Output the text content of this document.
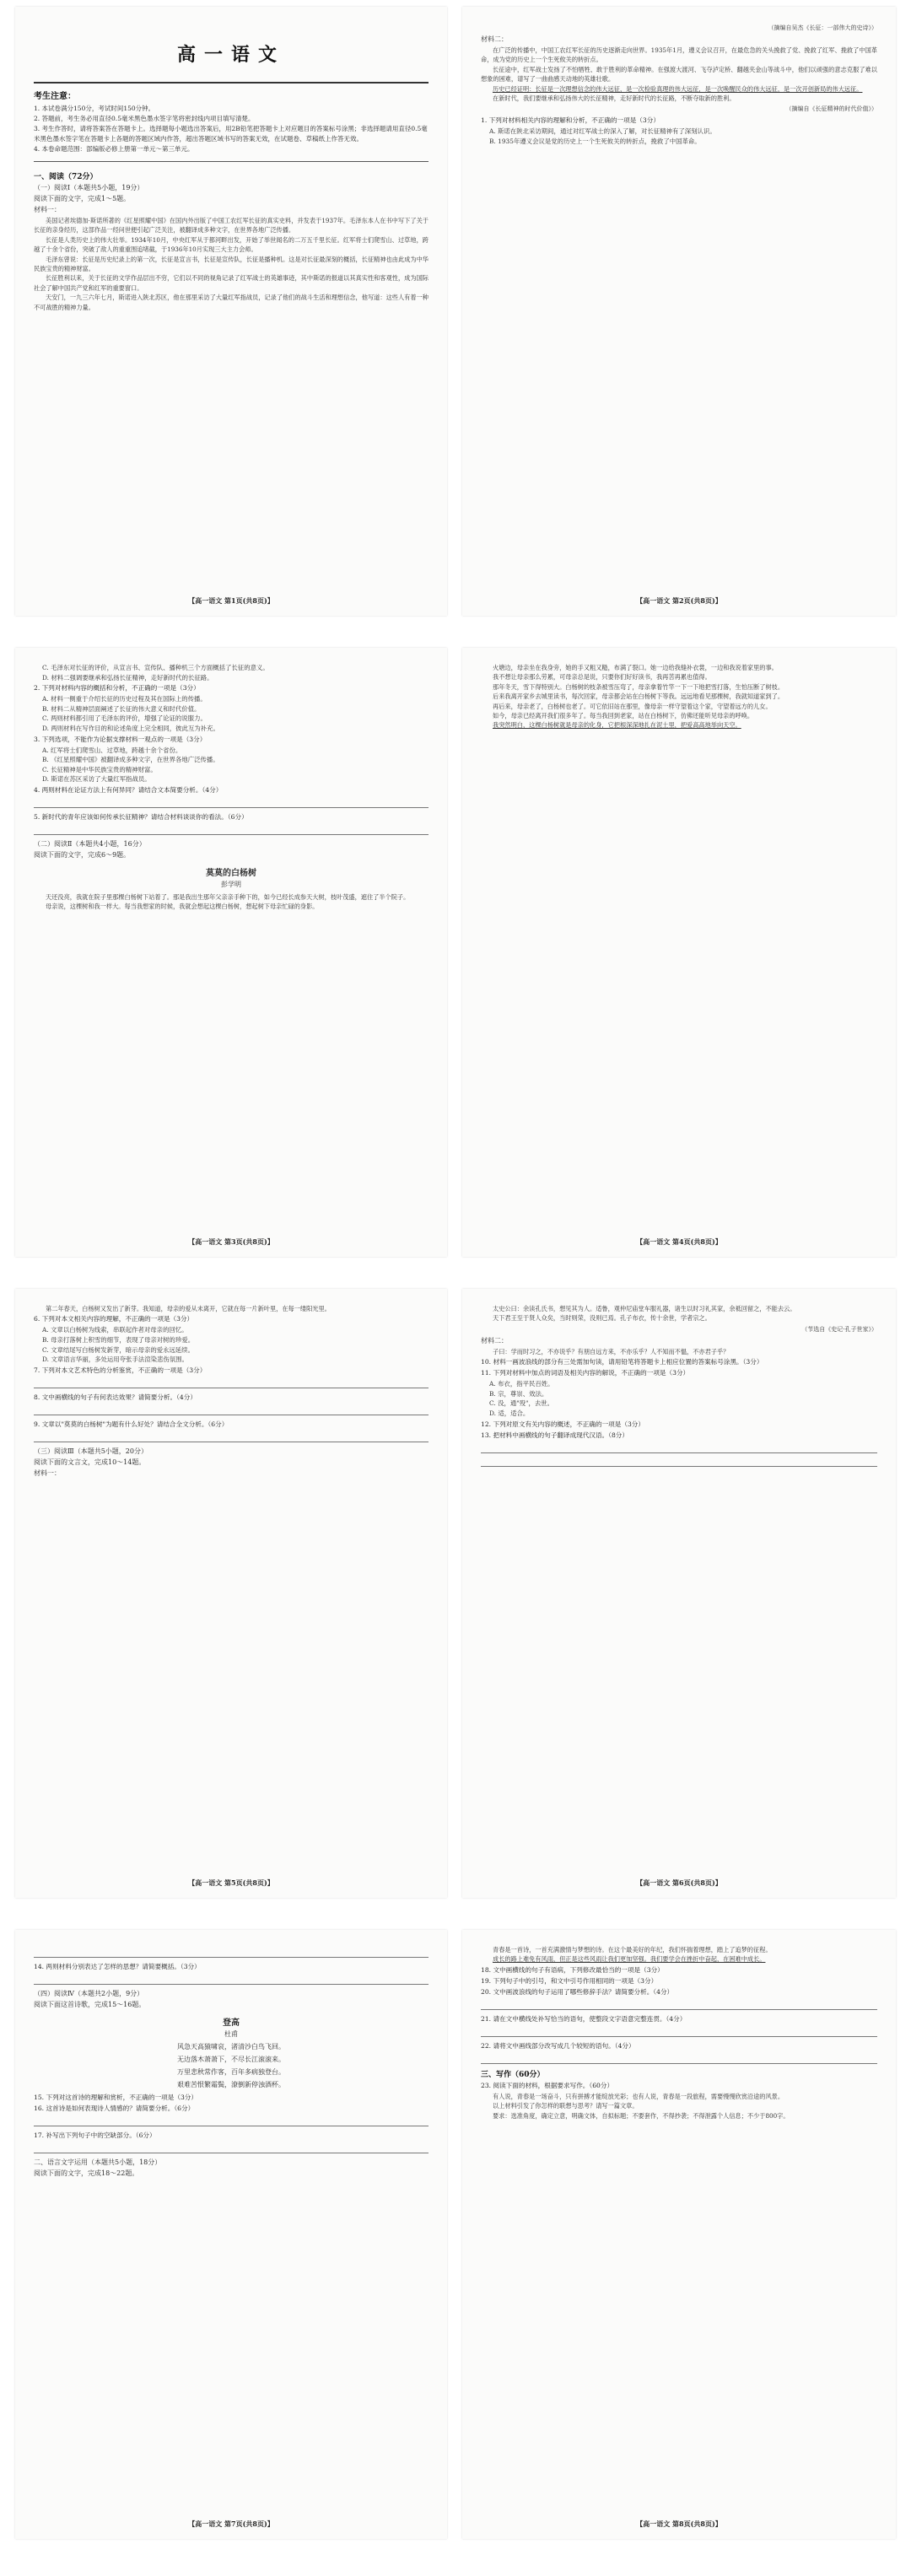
高一语文
考生注意：

1. 本试卷满分150分，考试时间150分钟。

2. 答题前，考生务必用直径0.5毫米黑色墨水签字笔将密封线内项目填写清楚。

3. 考生作答时，请将答案答在答题卡上。选择题每小题选出答案后，用2B铅笔把答题卡上对应题目的答案标号涂黑；非选择题请用直径0.5毫米黑色墨水签字笔在答题卡上各题的答题区域内作答，超出答题区域书写的答案无效，在试题卷、草稿纸上作答无效。

4. 本卷命题范围：部编版必修上册第一单元～第三单元。

一、阅读（72分）

（一）阅读Ⅰ（本题共5小题，19分）

阅读下面的文字，完成1～5题。

材料一：

美国记者埃德加·斯诺所著的《红星照耀中国》在国内外出版了中国工农红军长征的真实史料，并发表于1937年。毛泽东本人在书中写下了关于长征的亲身经历，这部作品一经问世便引起广泛关注，被翻译成多种文字，在世界各地广泛传播。

长征是人类历史上的伟大壮举。1934年10月，中央红军从于都河畔出发，开始了举世闻名的二万五千里长征。红军将士们爬雪山、过草地，跨越了十余个省份，突破了敌人的重重围追堵截，于1936年10月实现三大主力会师。

毛泽东曾说：长征是历史纪录上的第一次，长征是宣言书，长征是宣传队，长征是播种机。这是对长征最深刻的概括，长征精神也由此成为中华民族宝贵的精神财富。

长征胜利以来，关于长征的文学作品层出不穷，它们以不同的视角记录了红军战士的英雄事迹，其中斯诺的报道以其真实性和客观性，成为国际社会了解中国共产党和红军的重要窗口。

天安门，一九三六年七月，斯诺进入陕北苏区，他在那里采访了大量红军指战员，记录了他们的战斗生活和理想信念，他写道：这些人有着一种不可战胜的精神力量。

【高一语文 第1页(共8页)】

（摘编自吴杰《长征：一部伟大的史诗》）

材料二：

在广泛的传播中，中国工农红军长征的历史逐渐走向世界。1935年1月，遵义会议召开，在最危急的关头挽救了党、挽救了红军、挽救了中国革命，成为党的历史上一个生死攸关的转折点。

长征途中，红军战士发扬了不怕牺牲、敢于胜利的革命精神。在强渡大渡河、飞夺泸定桥、翻越夹金山等战斗中，他们以顽强的意志克服了难以想象的困难，谱写了一曲曲感天动地的英雄壮歌。

历史已经证明：长征是一次理想信念的伟大远征，是一次检验真理的伟大远征，是一次唤醒民众的伟大远征，是一次开创新局的伟大远征。

在新时代，我们要继承和弘扬伟大的长征精神，走好新时代的长征路，不断夺取新的胜利。

（摘编自《长征精神的时代价值》）

1. 下列对材料相关内容的理解和分析，不正确的一项是（3分）

A. 斯诺在陕北采访期间，通过对红军战士的深入了解，对长征精神有了深刻认识。

B. 1935年遵义会议是党的历史上一个生死攸关的转折点，挽救了中国革命。

【高一语文 第2页(共8页)】

C. 毛泽东对长征的评价，从宣言书、宣传队、播种机三个方面概括了长征的意义。

D. 材料二强调要继承和弘扬长征精神，走好新时代的长征路。

2. 下列对材料内容的概括和分析，不正确的一项是（3分）

A. 材料一侧重于介绍长征的历史过程及其在国际上的传播。

B. 材料二从精神层面阐述了长征的伟大意义和时代价值。

C. 两则材料都引用了毛泽东的评价，增强了论证的说服力。

D. 两则材料在写作目的和论述角度上完全相同，彼此互为补充。

3. 下列选项，不能作为论据支撑材料一观点的一项是（3分）

A. 红军将士们爬雪山、过草地，跨越十余个省份。

B. 《红星照耀中国》被翻译成多种文字，在世界各地广泛传播。

C. 长征精神是中华民族宝贵的精神财富。

D. 斯诺在苏区采访了大量红军指战员。

4. 两则材料在论证方法上有何异同？请结合文本简要分析。（4分）

5. 新时代的青年应该如何传承长征精神？请结合材料谈谈你的看法。（6分）

（二）阅读Ⅱ（本题共4小题，16分）

阅读下面的文字，完成6～9题。

莫莫的白杨树
彭学明

天还没亮，我就在院子里那棵白杨树下站着了。那是我出生那年父亲亲手种下的，如今已经长成参天大树，枝叶茂盛，遮住了半个院子。

母亲说，这棵树和我一样大。每当我想家的时候，我就会想起这棵白杨树，想起树下母亲忙碌的身影。

【高一语文 第3页(共8页)】

火塘边，母亲坐在我身旁，她的手又粗又糙，布满了裂口。她一边给我缝补衣裳，一边和我说着家里的事。

我不想让母亲那么劳累，可母亲总是说，只要你们好好读书，我再苦再累也值得。

那年冬天，雪下得特别大。白杨树的枝条被雪压弯了，母亲拿着竹竿一下一下地把雪打落，生怕压断了树枝。

后来我离开家乡去城里读书，每次回家，母亲都会站在白杨树下等我。远远地看见那棵树，我就知道家到了。

再后来，母亲老了，白杨树也老了。可它依旧站在那里，像母亲一样守望着这个家，守望着远方的儿女。

如今，母亲已经离开我们很多年了。每当我回到老家，站在白杨树下，仿佛还能听见母亲的呼唤。

我突然明白，这棵白杨树就是母亲的化身，它把根深深地扎在泥土里，把爱高高地举向天空。

【高一语文 第4页(共8页)】

第二年春天，白杨树又发出了新芽。我知道，母亲的爱从未离开，它就在每一片新叶里，在每一缕阳光里。

6. 下列对本文相关内容的理解，不正确的一项是（3分）

A. 文章以白杨树为线索，串联起作者对母亲的回忆。

B. 母亲打落树上积雪的细节，表现了母亲对树的珍爱。

C. 文章结尾写白杨树发新芽，暗示母亲的爱永远延续。

D. 文章语言华丽，多处运用夸张手法渲染悲伤氛围。

7. 下列对本文艺术特色的分析鉴赏，不正确的一项是（3分）

8. 文中画横线的句子有何表达效果？请简要分析。（4分）

9. 文章以"莫莫的白杨树"为题有什么好处？请结合全文分析。（6分）

（三）阅读Ⅲ（本题共5小题，20分）

阅读下面的文言文，完成10～14题。

材料一：

【高一语文 第5页(共8页)】

太史公曰：余读孔氏书，想见其为人。适鲁，观仲尼庙堂车服礼器，诸生以时习礼其家，余祗回留之，不能去云。

天下君王至于贤人众矣，当时则荣，没则已焉。孔子布衣，传十余世，学者宗之。

（节选自《史记·孔子世家》）

材料二：

子曰：学而时习之，不亦说乎？有朋自远方来，不亦乐乎？人不知而不愠，不亦君子乎？

10. 材料一画波浪线的部分有三处需加句读，请用铅笔将答题卡上相应位置的答案标号涂黑。（3分）

11. 下列对材料中加点的词语及相关内容的解说，不正确的一项是（3分）

A. 布衣，指平民百姓。

B. 宗，尊崇、效法。

C. 没，通"殁"，去世。

D. 适，适合。

12. 下列对原文有关内容的概述，不正确的一项是（3分）

13. 把材料中画横线的句子翻译成现代汉语。（8分）

【高一语文 第6页(共8页)】

14. 两则材料分别表达了怎样的思想？请简要概括。（3分）

（四）阅读Ⅳ（本题共2小题，9分）

阅读下面这首诗歌，完成15～16题。

登高
杜甫

风急天高猿啸哀，渚清沙白鸟飞回。

无边落木萧萧下，不尽长江滚滚来。

万里悲秋常作客，百年多病独登台。

艰难苦恨繁霜鬓，潦倒新停浊酒杯。

15. 下列对这首诗的理解和赏析，不正确的一项是（3分）

16. 这首诗是如何表现诗人情感的？请简要分析。（6分）

17. 补写出下列句子中的空缺部分。（6分）

二、语言文字运用（本题共5小题，18分）

阅读下面的文字，完成18～22题。

【高一语文 第7页(共8页)】

青春是一首诗，一首充满激情与梦想的诗。在这个最美好的年纪，我们怀揣着理想，踏上了追梦的征程。

成长的路上难免有风雨，但正是这些风雨让我们更加坚强。我们要学会在挫折中奋起，在困难中成长。

18. 文中画横线的句子有语病，下列修改最恰当的一项是（3分）

19. 下列句子中的引号，和文中引号作用相同的一项是（3分）

20. 文中画波浪线的句子运用了哪些修辞手法？请简要分析。（4分）

21. 请在文中横线处补写恰当的语句，使整段文字语意完整连贯。（4分）

22. 请将文中画线部分改写成几个较短的语句。（4分）

三、写作（60分）

23. 阅读下面的材料，根据要求写作。（60分）

有人说，青春是一场奋斗，只有拼搏才能绽放光彩；也有人说，青春是一段旅程，需要慢慢欣赏沿途的风景。

以上材料引发了你怎样的联想与思考？请写一篇文章。

要求：选准角度，确定立意，明确文体，自拟标题；不要套作，不得抄袭；不得泄露个人信息；不少于800字。

【高一语文 第8页(共8页)】
